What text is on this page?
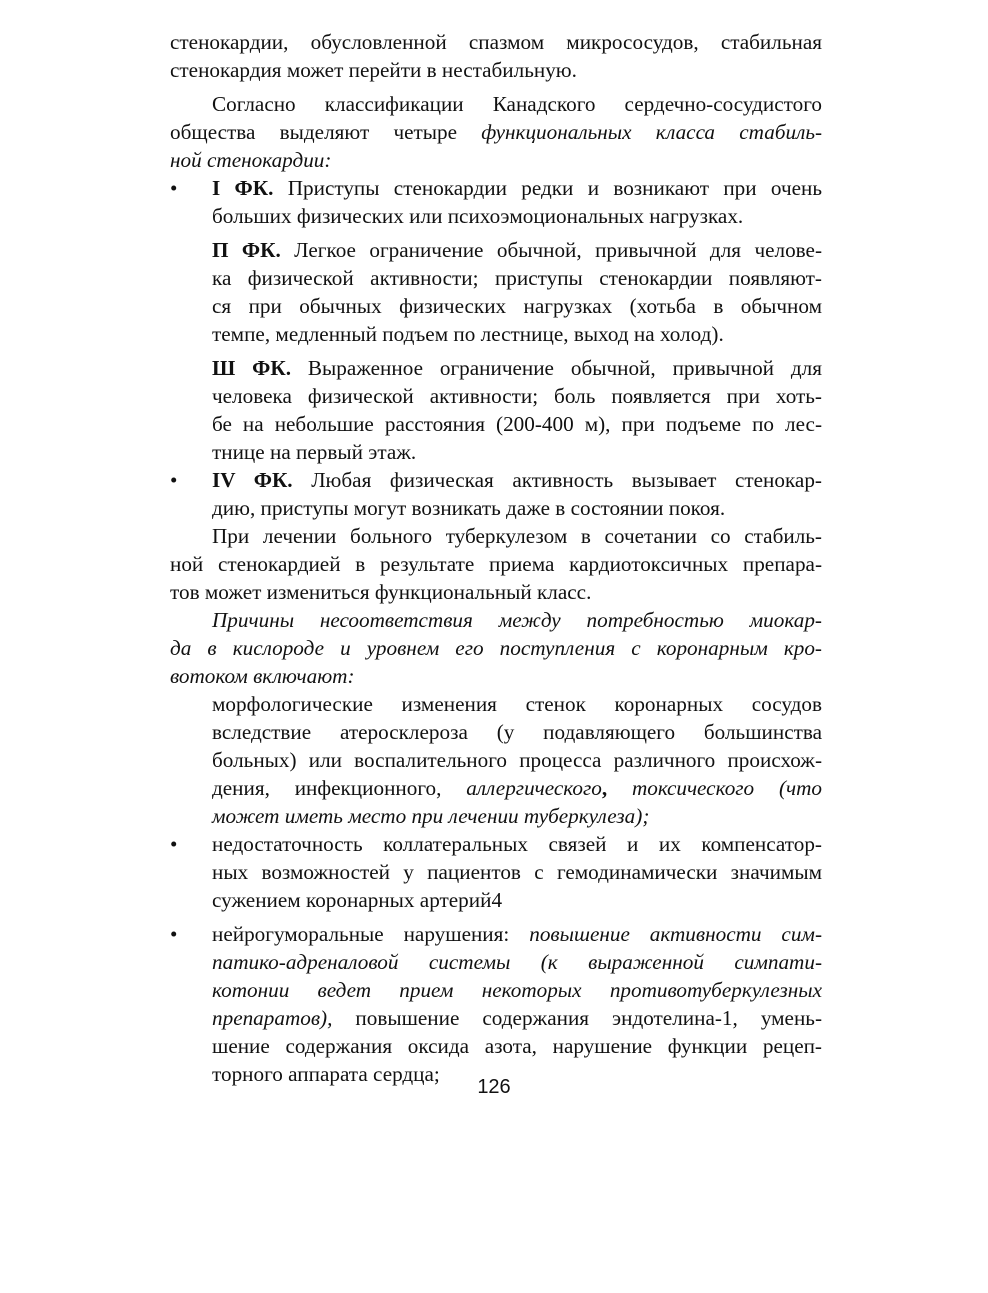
стенокардии, обусловленной спазмом микрососудов, стабильная
стенокардия может перейти в нестабильную.
Согласно классификации Канадского сердечно-сосудистого
общества выделяют четыре функциональных класса стабиль-
ной стенокардии:
•	I ФК. Приступы стенокардии редки и возникают при очень
больших физических или психоэмоциональных нагрузках.
П ФК. Легкое ограничение обычной, привычной для челове-
ка физической активности; приступы стенокардии появляют-
ся при обычных физических нагрузках (хотьба в обычном
темпе, медленный подъем по лестнице, выход на холод).
Ш ФК. Выраженное ограничение обычной, привычной для
человека физической активности; боль появляется при хоть-
бе на небольшие расстояния (200-400 м), при подъеме по лес-
тнице на первый этаж.
•	IV ФК. Любая физическая активность вызывает стенокар-
дию, приступы могут возникать даже в состоянии покоя.
При лечении больного туберкулезом в сочетании со стабиль-
ной стенокардией в результате приема кардиотоксичных препара-
тов может измениться функциональный класс.
Причины несоответствия между потребностью миокар-
да в кислороде и уровнем его поступления с коронарным кро-
вотоком включают:
морфологические изменения стенок коронарных сосудов
вследствие атеросклероза (у подавляющего большинства
больных) или воспалительного процесса различного происхож-
дения, инфекционного, аллергического, токсического (что
может иметь место при лечении туберкулеза);
•	недостаточность коллатеральных связей и их компенсатор-
ных возможностей у пациентов с гемодинамически значимым
сужением коронарных артерий4
•	нейрогуморальные нарушения: повышение активности сим-
патико-адреналовой системы (к выраженной симпати-
котонии ведет прием некоторых противотуберкулезных
препаратов), повышение содержания эндотелина-1, умень-
шение содержания оксида азота, нарушение функции рецеп-
торного аппарата сердца;
126
